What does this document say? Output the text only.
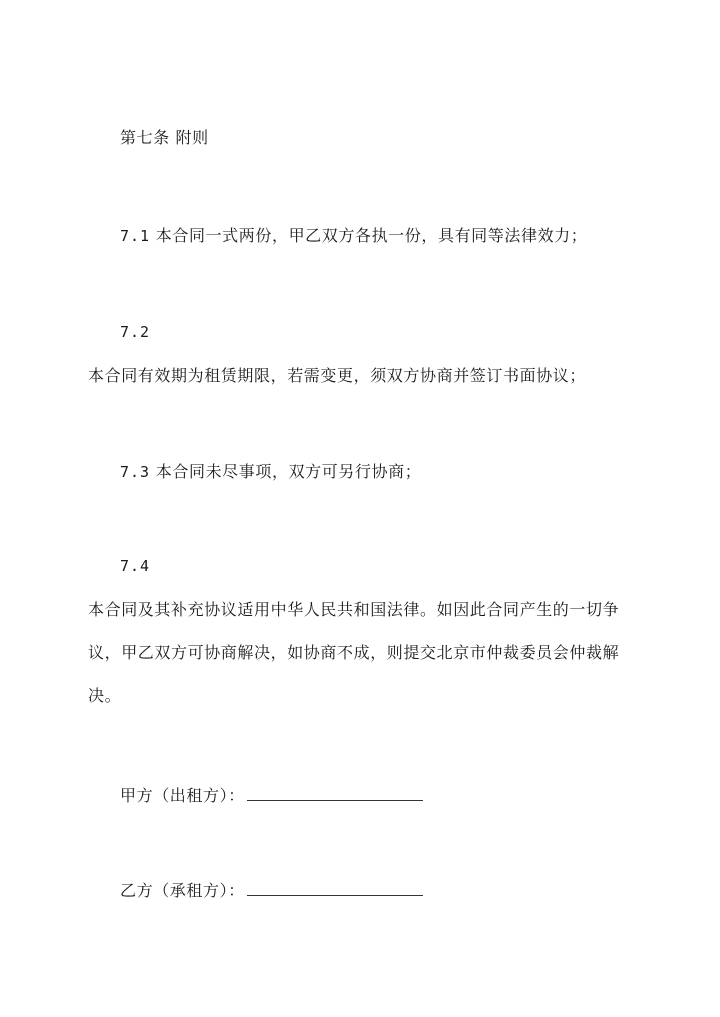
第七条 附则
7.1 本合同一式两份，甲乙双方各执一份，具有同等法律效力；
7.2
本合同有效期为租赁期限，若需变更，须双方协商并签订书面协议；
7.3 本合同未尽事项，双方可另行协商；
7.4
本合同及其补充协议适用中华人民共和国法律。如因此合同产生的一切争
议，甲乙双方可协商解决，如协商不成，则提交北京市仲裁委员会仲裁解
决。
甲方（出租方）：
乙方（承租方）：
